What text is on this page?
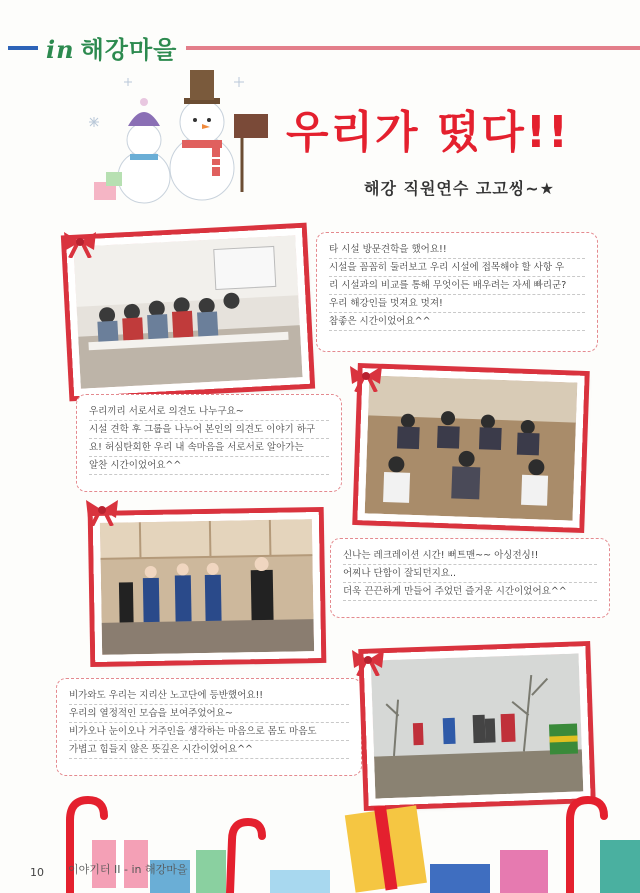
in 해강마을
우리가 떴다!!
해강 직원연수 고고씽~★

타 시설 방문견학을 했어요!!

시설을 꼼꼼히 둘러보고 우리 시설에 접목해야 할 사항 우

리 시설과의 비교를 통해 무엇이든 배우려는 자세 빠리군?

우리 해강인들 멋져요 멋져!

참좋은 시간이었어요^^

우리끼리 서로서로 의견도 나누구요~

시설 견학 후 그룹을 나누어 본인의 의견도 이야기 하구

요! 허심탄회한 우리 내 속마음을 서로서로 알아가는

알찬 시간이었어요^^

신나는 레크레이션 시간! 뻐트맨~~ 아싱전싱!!

어찌나 단합이 잘되던지요..

더욱 끈끈하게 만들어 주었던 즐거운 시간이었어요^^

비가와도 우리는 지리산 노고단에 등반했어요!!

우리의 열정적인 모습을 보여주었어요~

비가오나 눈이오나 거주인을 생각하는 마음으로 몸도 마음도

가볍고 힘들지 않은 뜻깊은 시간이었어요^^

10 이야기터 II - in 해강마을
